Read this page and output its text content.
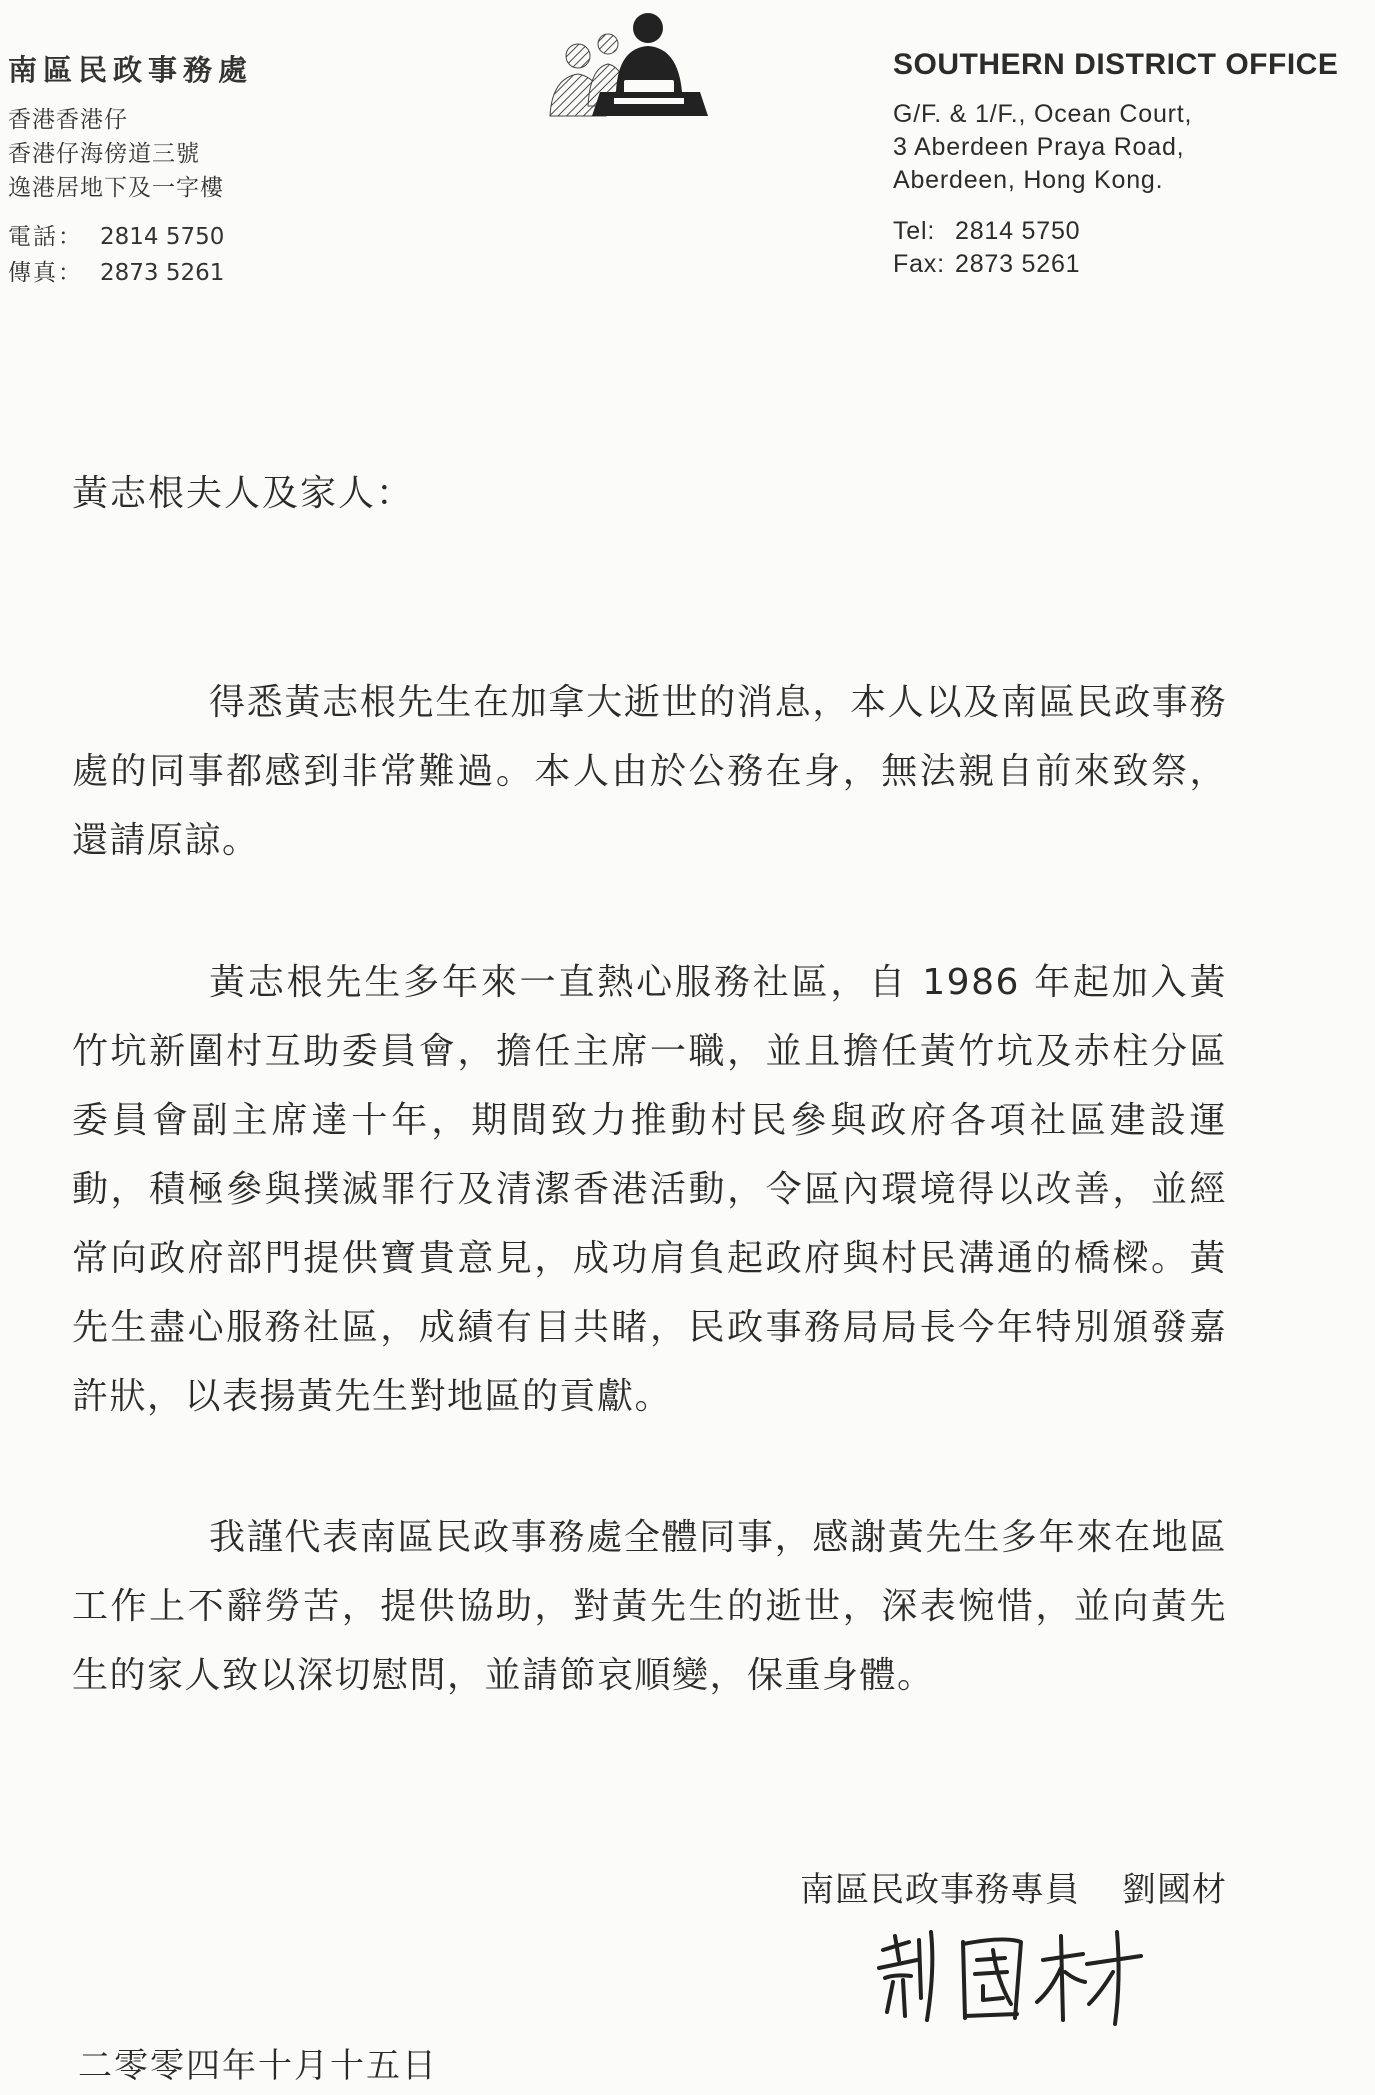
南區民政事務處
香港香港仔
香港仔海傍道三號
逸港居地下及一字樓
電話： 2814 5750
傳真： 2873 5261
SOUTHERN DISTRICT OFFICE
G/F. & 1/F., Ocean Court,
3 Aberdeen Praya Road,
Aberdeen, Hong Kong.
Tel: 2814 5750
Fax: 2873 5261
黃志根夫人及家人：

得悉黃志根先生在加拿大逝世的消息，本人以及南區民政事務處的同事都感到非常難過。本人由於公務在身，無法親自前來致祭，還請原諒。

黃志根先生多年來一直熱心服務社區，自 1986 年起加入黃竹坑新圍村互助委員會，擔任主席一職，並且擔任黃竹坑及赤柱分區委員會副主席達十年，期間致力推動村民參與政府各項社區建設運動，積極參與撲滅罪行及清潔香港活動，令區內環境得以改善，並經常向政府部門提供寶貴意見，成功肩負起政府與村民溝通的橋樑。黃先生盡心服務社區，成績有目共睹，民政事務局局長今年特別頒發嘉許狀，以表揚黃先生對地區的貢獻。

我謹代表南區民政事務處全體同事，感謝黃先生多年來在地區工作上不辭勞苦，提供協助，對黃先生的逝世，深表惋惜，並向黃先生的家人致以深切慰問，並請節哀順變，保重身體。

南區民政事務專員 劉國材
二零零四年十月十五日
